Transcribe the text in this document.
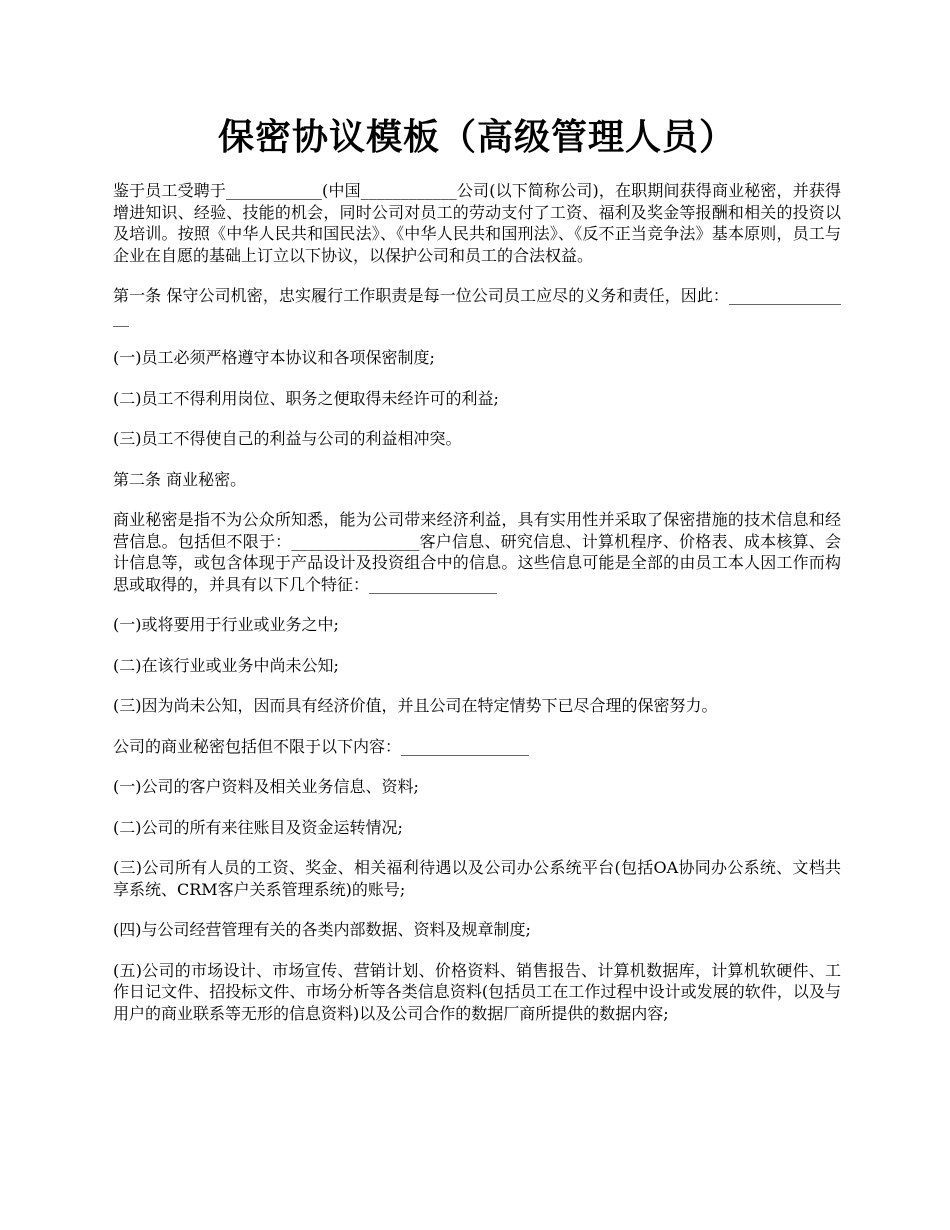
保密协议模板（高级管理人员）

鉴于员工受聘于____________(中国____________公司(以下简称公司)，在职期间获得商业秘密，并获得增进知识、经验、技能的机会，同时公司对员工的劳动支付了工资、福利及奖金等报酬和相关的投资以及培训。按照《中华人民共和国民法》、《中华人民共和国刑法》、《反不正当竞争法》基本原则，员工与企业在自愿的基础上订立以下协议，以保护公司和员工的合法权益。

第一条 保守公司机密，忠实履行工作职责是每一位公司员工应尽的义务和责任，因此：________________

(一)员工必须严格遵守本协议和各项保密制度;

(二)员工不得利用岗位、职务之便取得未经许可的利益;

(三)员工不得使自己的利益与公司的利益相冲突。

第二条 商业秘密。

商业秘密是指不为公众所知悉，能为公司带来经济利益，具有实用性并采取了保密措施的技术信息和经营信息。包括但不限于：________________客户信息、研究信息、计算机程序、价格表、成本核算、会计信息等，或包含体现于产品设计及投资组合中的信息。这些信息可能是全部的由员工本人因工作而构思或取得的，并具有以下几个特征：________________

(一)或将要用于行业或业务之中;

(二)在该行业或业务中尚未公知;

(三)因为尚未公知，因而具有经济价值，并且公司在特定情势下已尽合理的保密努力。

公司的商业秘密包括但不限于以下内容：________________

(一)公司的客户资料及相关业务信息、资料;

(二)公司的所有来往账目及资金运转情况;

(三)公司所有人员的工资、奖金、相关福利待遇以及公司办公系统平台(包括OA协同办公系统、文档共享系统、CRM客户关系管理系统)的账号;

(四)与公司经营管理有关的各类内部数据、资料及规章制度;

(五)公司的市场设计、市场宣传、营销计划、价格资料、销售报告、计算机数据库，计算机软硬件、工作日记文件、招投标文件、市场分析等各类信息资料(包括员工在工作过程中设计或发展的软件，以及与用户的商业联系等无形的信息资料)以及公司合作的数据厂商所提供的数据内容;
